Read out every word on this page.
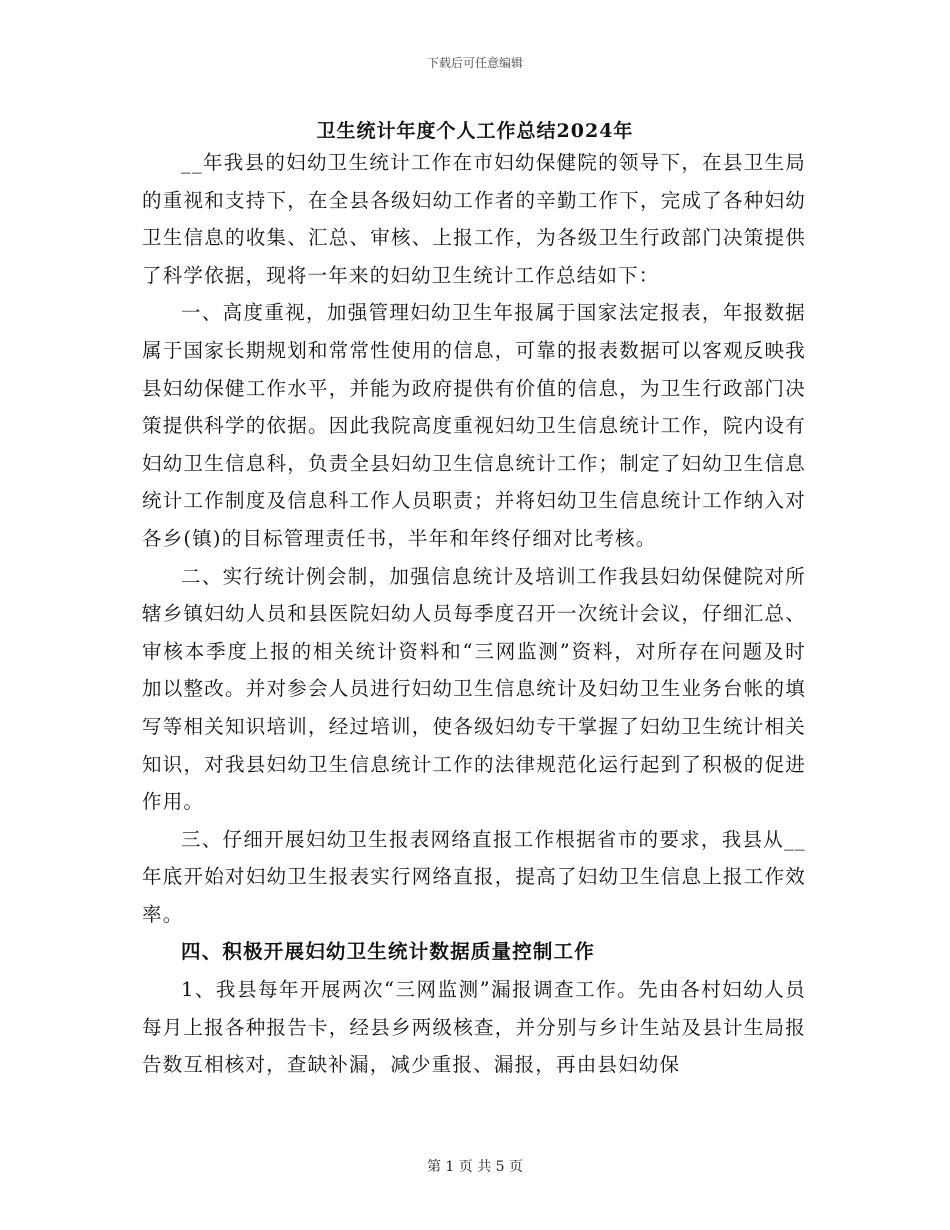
下载后可任意编辑
卫生统计年度个人工作总结2024年

__年我县的妇幼卫生统计工作在市妇幼保健院的领导下，在县卫生局的重视和支持下，在全县各级妇幼工作者的辛勤工作下，完成了各种妇幼卫生信息的收集、汇总、审核、上报工作，为各级卫生行政部门决策提供了科学依据，现将一年来的妇幼卫生统计工作总结如下：

一、高度重视，加强管理妇幼卫生年报属于国家法定报表，年报数据属于国家长期规划和常常性使用的信息，可靠的报表数据可以客观反映我县妇幼保健工作水平，并能为政府提供有价值的信息，为卫生行政部门决策提供科学的依据。因此我院高度重视妇幼卫生信息统计工作，院内设有妇幼卫生信息科，负责全县妇幼卫生信息统计工作；制定了妇幼卫生信息统计工作制度及信息科工作人员职责；并将妇幼卫生信息统计工作纳入对各乡(镇)的目标管理责任书，半年和年终仔细对比考核。

二、实行统计例会制，加强信息统计及培训工作我县妇幼保健院对所辖乡镇妇幼人员和县医院妇幼人员每季度召开一次统计会议，仔细汇总、审核本季度上报的相关统计资料和“三网监测”资料，对所存在问题及时加以整改。并对参会人员进行妇幼卫生信息统计及妇幼卫生业务台帐的填写等相关知识培训，经过培训，使各级妇幼专干掌握了妇幼卫生统计相关知识，对我县妇幼卫生信息统计工作的法律规范化运行起到了积极的促进作用。

三、仔细开展妇幼卫生报表网络直报工作根据省市的要求，我县从__年底开始对妇幼卫生报表实行网络直报，提高了妇幼卫生信息上报工作效率。

四、积极开展妇幼卫生统计数据质量控制工作

1、我县每年开展两次“三网监测”漏报调查工作。先由各村妇幼人员每月上报各种报告卡，经县乡两级核查，并分别与乡计生站及县计生局报告数互相核对，查缺补漏，减少重报、漏报，再由县妇幼保

第 1 页 共 5 页
